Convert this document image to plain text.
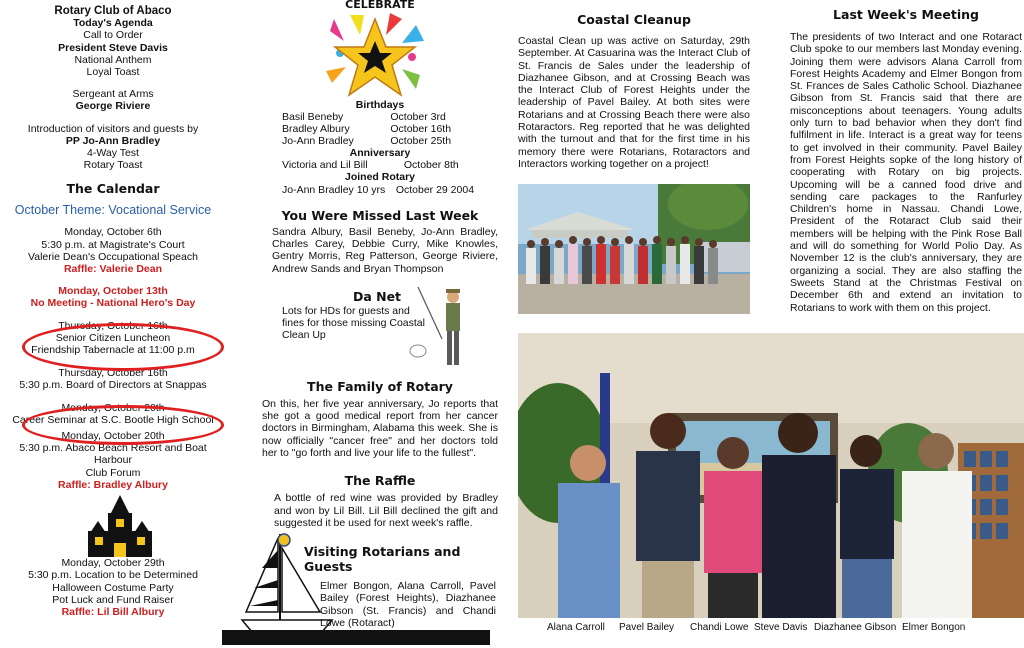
Rotary Club of Abaco

Today's Agenda

Call to Order

President Steve Davis

National Anthem

Loyal Toast

Sergeant at Arms

George Riviere

Introduction of visitors and guests by

PP Jo-Ann Bradley

4-Way Test

Rotary Toast

The Calendar

October Theme: Vocational Service

Monday, October 6th

5:30 p.m. at Magistrate's Court

Valerie Dean's Occupational Speach

Raffle: Valerie Dean

Monday, October 13th

No Meeting - National Hero's Day

Thursday, October 16th

Senior Citizen Luncheon

Friendship Tabernacle at 11:00 p.m

Thursday, October 16th

5:30 p.m. Board of Directors at Snappas

Monday, October 20th

Career Seminar at S.C. Bootle High School

Monday, October 20th

5:30 p.m. Abaco Beach Resort and Boat Harbour

Club Forum

Raffle: Bradley Albury

Monday, October 29th

5:30 p.m. Location to be Determined

Halloween Costume Party

Pot Luck and Fund Raiser

Raffle: Lil Bill Albury

CELEBRATE

Birthdays

Basil Beneby	October 3rd
Bradley Albury	October 16th
Jo-Ann Bradley	October 25th

Anniversary

Victoria and Lil Bill	October 8th

Joined Rotary

Jo-Ann Bradley 10 yrs	October 29 2004

You Were Missed Last Week

Sandra Albury, Basil Beneby, Jo-Ann Bradley, Charles Carey, Debbie Curry, Mike Knowles, Gentry Morris, Reg Patterson, George Riviere, Andrew Sands and Bryan Thompson

Da Net

Lots for HDs for guests and fines for those missing Coastal Clean Up

The Family of Rotary

On this, her five year anniversary, Jo reports that she got a good medical report from her cancer doctors in Birmingham, Alabama this week. She is now officially "cancer free" and her doctors told her to "go forth and live your life to the fullest".

The Raffle

A bottle of red wine was provided by Bradley and won by Lil Bill. Lil Bill declined the gift and suggested it be used for next week's raffle.

Visiting Rotarians and Guests

Elmer Bongon, Alana Carroll, Pavel Bailey (Forest Heights), Diazhanee Gibson (St. Francis) and Chandi Lowe (Rotaract)

Coastal Cleanup

Coastal Clean up was active on Saturday, 29th September. At Casuarina was the Interact Club of St. Francis de Sales under the leadership of Diazhanee Gibson, and at Crossing Beach was the Interact Club of Forest Heights under the leadership of Pavel Bailey. At both sites were Rotarians and at Crossing Beach there were also Rotaractors. Reg reported that he was delighted with the turnout and that for the first time in his memory there were Rotarians, Rotaractors and Interactors working together on a project!

Last Week's Meeting

The presidents of two Interact and one Rotaract Club spoke to our members last Monday evening. Joining them were advisors Alana Carroll from Forest Heights Academy and Elmer Bongon from St. Frances de Sales Catholic School. Diazhanee Gibson from St. Francis said that there are misconceptions about teenagers. Young adults only turn to bad behavior when they don't find fulfilment in life. Interact is a great way for teens to get involved in their community. Pavel Bailey from Forest Heights sopke of the long history of cooperating with Rotary on big projects. Upcoming will be a canned food drive and sending care packages to the Ranfurley Children's home in Nassau. Chandi Lowe, President of the Rotaract Club said their members will be helping with the Pink Rose Ball and will do something for World Polio Day. As November 12 is the club's anniversary, they are organizing a social. They are also staffing the Sweets Stand at the Christmas Festival on December 6th and extend an invitation to Rotarians to work with them on this project.

Alana Carroll Pavel Bailey Chandi Lowe Steve Davis Diazhanee Gibson Elmer Bongon
